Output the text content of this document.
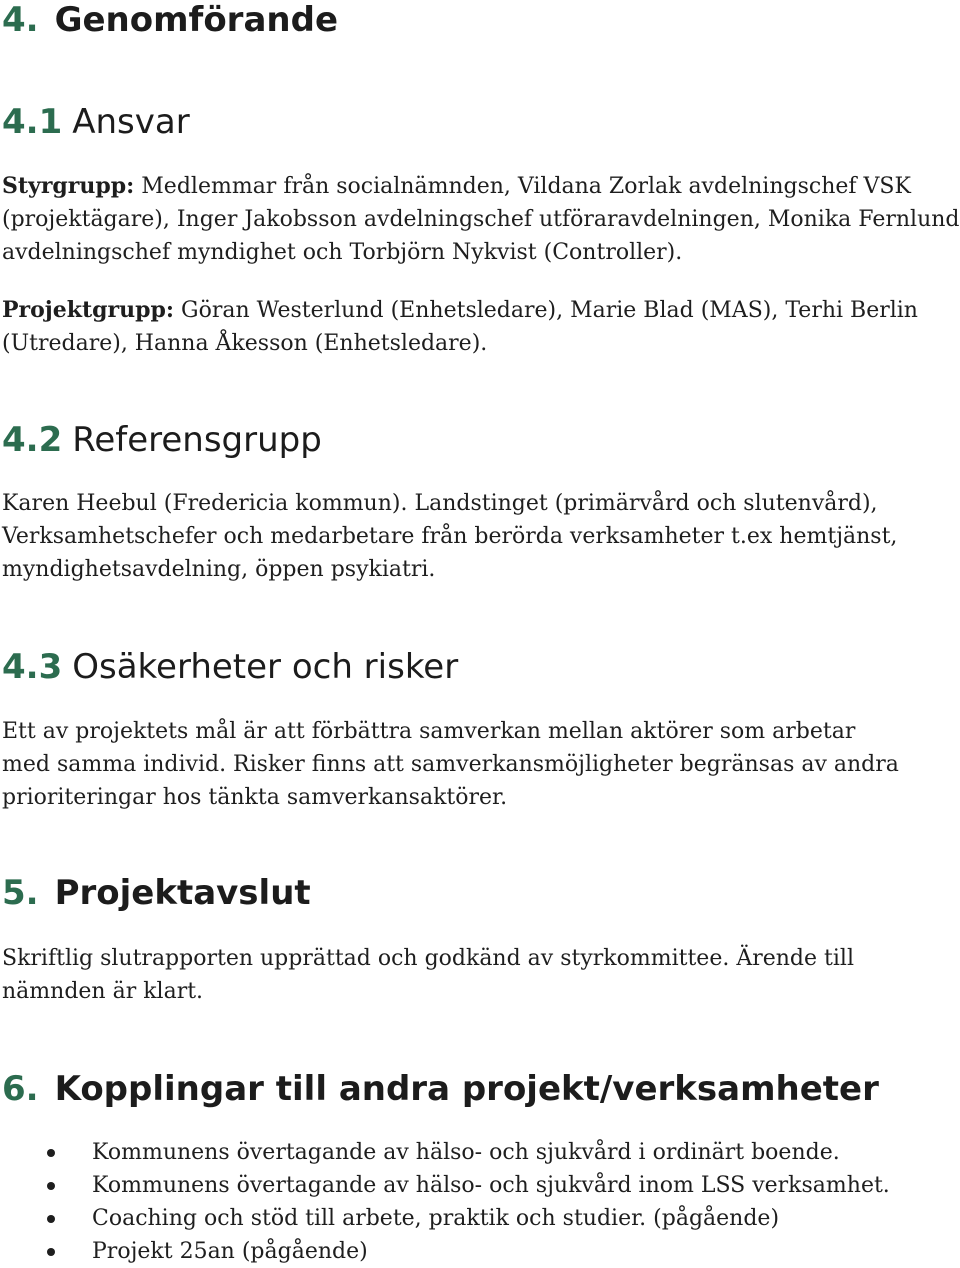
4. Genomförande
4.1 Ansvar
Styrgrupp: Medlemmar från socialnämnden, Vildana Zorlak avdelningschef VSK (projektägare), Inger Jakobsson avdelningschef utföraravdelningen, Monika Fernlund avdelningschef myndighet och Torbjörn Nykvist (Controller).
Projektgrupp: Göran Westerlund (Enhetsledare), Marie Blad (MAS), Terhi Berlin (Utredare), Hanna Åkesson (Enhetsledare).
4.2 Referensgrupp
Karen Heebul (Fredericia kommun). Landstinget (primärvård och slutenvård), Verksamhetschefer och medarbetare från berörda verksamheter t.ex hemtjänst, myndighetsavdelning, öppen psykiatri.
4.3 Osäkerheter och risker
Ett av projektets mål är att förbättra samverkan mellan aktörer som arbetar med samma individ. Risker finns att samverkansmöjligheter begränsas av andra prioriteringar hos tänkta samverkansaktörer.
5. Projektavslut
Skriftlig slutrapporten upprättad och godkänd av styrkommittee. Ärende till nämnden är klart.
6. Kopplingar till andra projekt/verksamheter
Kommunens övertagande av hälso- och sjukvård i ordinärt boende.
Kommunens övertagande av hälso- och sjukvård inom LSS verksamhet.
Coaching och stöd till arbete, praktik och studier. (pågående)
Projekt 25an (pågående)
